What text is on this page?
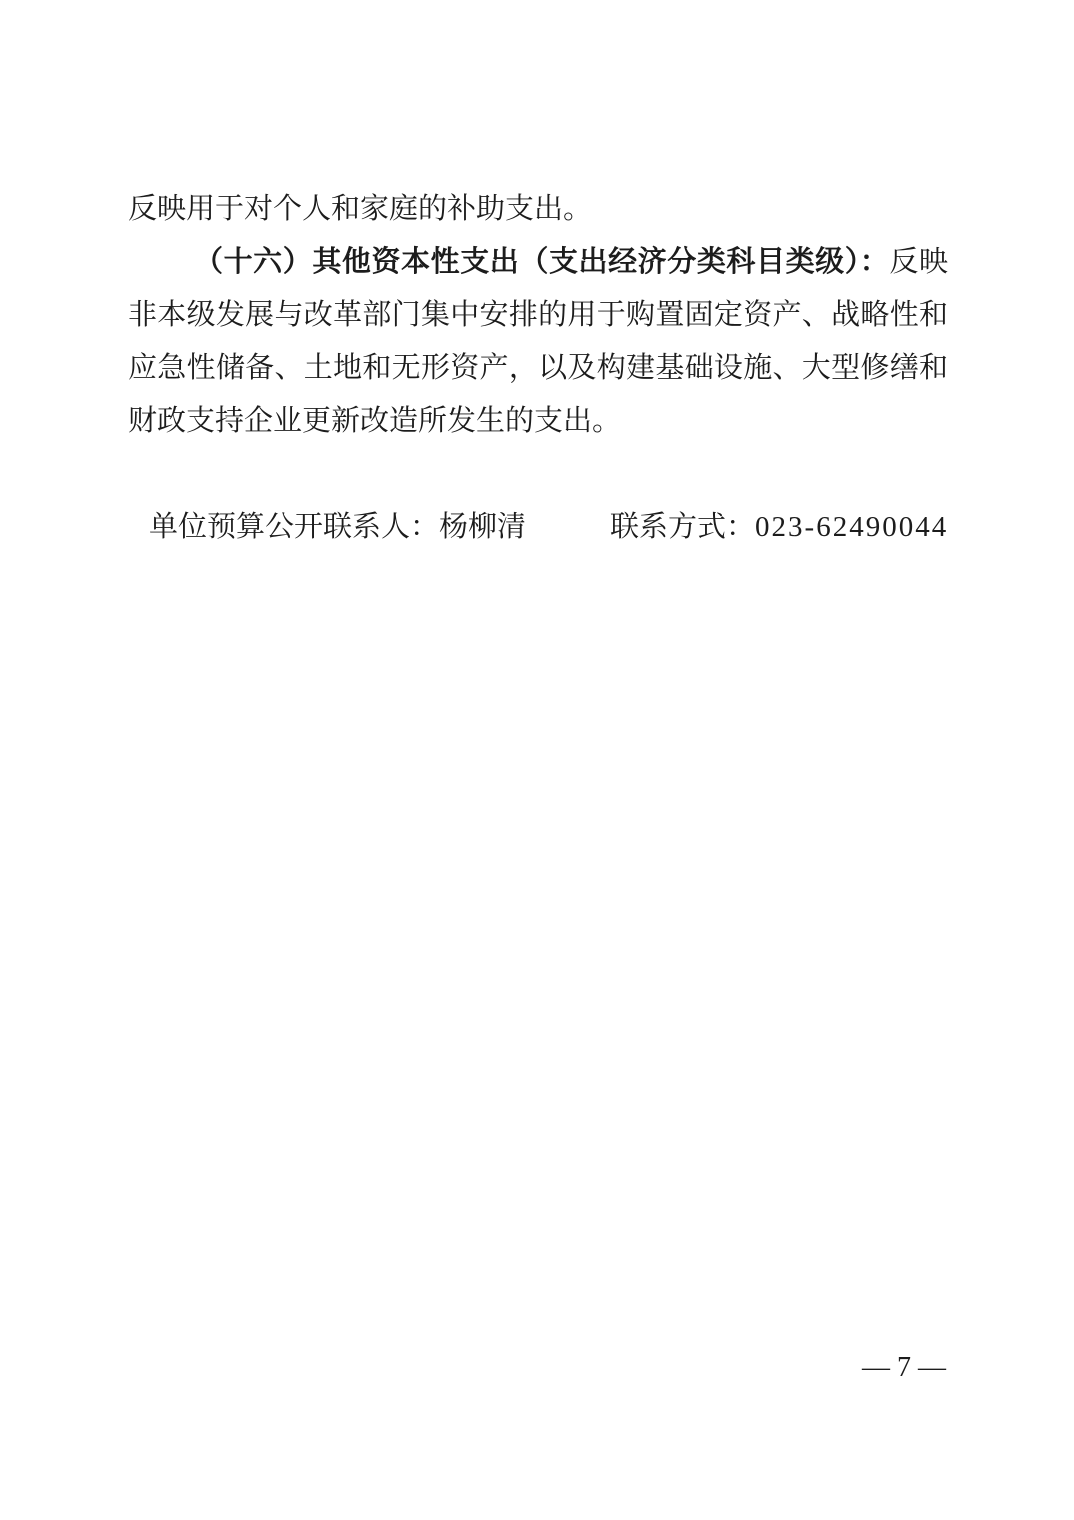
反映用于对个人和家庭的补助支出。
（十六）其他资本性支出（支出经济分类科目类级）：反映
非本级发展与改革部门集中安排的用于购置固定资产、战略性和
应急性储备、土地和无形资产，以及构建基础设施、大型修缮和
财政支持企业更新改造所发生的支出。
单位预算公开联系人：杨柳清	联系方式：023-62490044
— 7 —
